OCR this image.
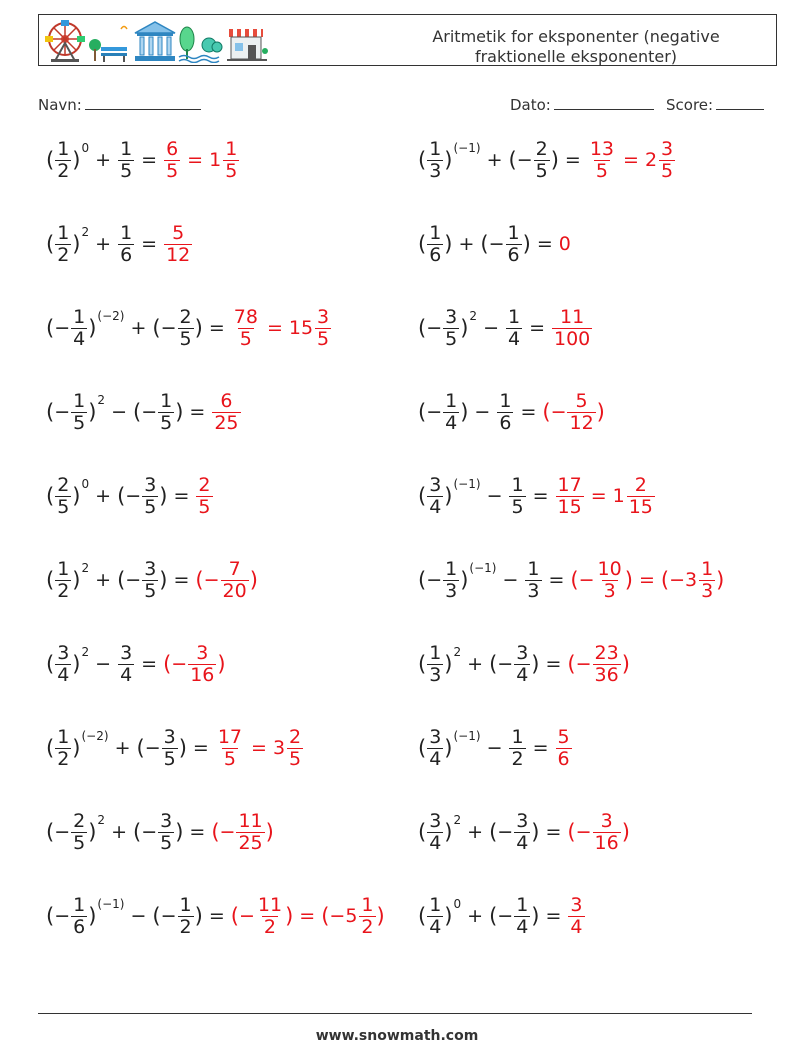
Aritmetik for eksponenter (negative fraktionelle eksponenter)
Navn:	Dato:	Score:
( $\frac{1}{2}$ ) 0
+ $\frac{1}{5} = \frac{6}{5} = 1 \frac{1}{5}$	( $\frac{1}{3}$ ) (−1)
+ ( − $\frac{2}{5}$ ) = $\frac{13}{5} = 2 \frac{3}{5}$
( $\frac{1}{2}$ ) 2
+ $\frac{1}{6} = \frac{5}{12}$	( $\frac{1}{6}$ ) + ( − $\frac{1}{6}$ ) = 0
( − $\frac{1}{4}$ ) (−2)
+ ( − $\frac{2}{5}$ ) = $\frac{78}{5} = 15 \frac{3}{5}$	( − $\frac{3}{5}$ ) 2
− $\frac{1}{4} = \frac{11}{100}$
( − $\frac{1}{5}$ ) 2
− ( − $\frac{1}{5}$ ) = $\frac{6}{25}$	( − $\frac{1}{4}$ ) − $\frac{1}{6}$ = ( − $\frac{5}{12}$ )
( $\frac{2}{5}$ ) 0
+ ( − $\frac{3}{5}$ ) = $\frac{2}{5}$	( $\frac{3}{4}$ ) (−1)
− $\frac{1}{5} = \frac{17}{15} = 1 \frac{2}{15}$
( $\frac{1}{2}$ ) 2
+ ( − $\frac{3}{5}$ ) = ( − $\frac{7}{20}$ )	( − $\frac{1}{3}$ ) (−1)
− $\frac{1}{3}$ = ( − $\frac{10}{3}$ ) = ( − $3 \frac{1}{3}$ )
( $\frac{3}{4}$ ) 2
− $\frac{3}{4}$ = ( − $\frac{3}{16}$ )	( $\frac{1}{3}$ ) 2
+ ( − $\frac{3}{4}$ ) = ( − $\frac{23}{36}$ )
( $\frac{1}{2}$ ) (−2)
+ ( − $\frac{3}{5}$ ) = $\frac{17}{5} = 3 \frac{2}{5}$	( $\frac{3}{4}$ ) (−1)
− $\frac{1}{2} = \frac{5}{6}$
( − $\frac{2}{5}$ ) 2
+ ( − $\frac{3}{5}$ ) = ( − $\frac{11}{25}$ )	( $\frac{3}{4}$ ) 2
+ ( − $\frac{3}{4}$ ) = ( − $\frac{3}{16}$ )
( − $\frac{1}{6}$ ) (−1)
− ( − $\frac{1}{2}$ ) = ( − $\frac{11}{2}$ ) = ( − $5 \frac{1}{2}$ ) ( $\frac{1}{4}$ ) 0
+ ( − $\frac{1}{4}$ ) = $\frac{3}{4}$
www.snowmath.com
